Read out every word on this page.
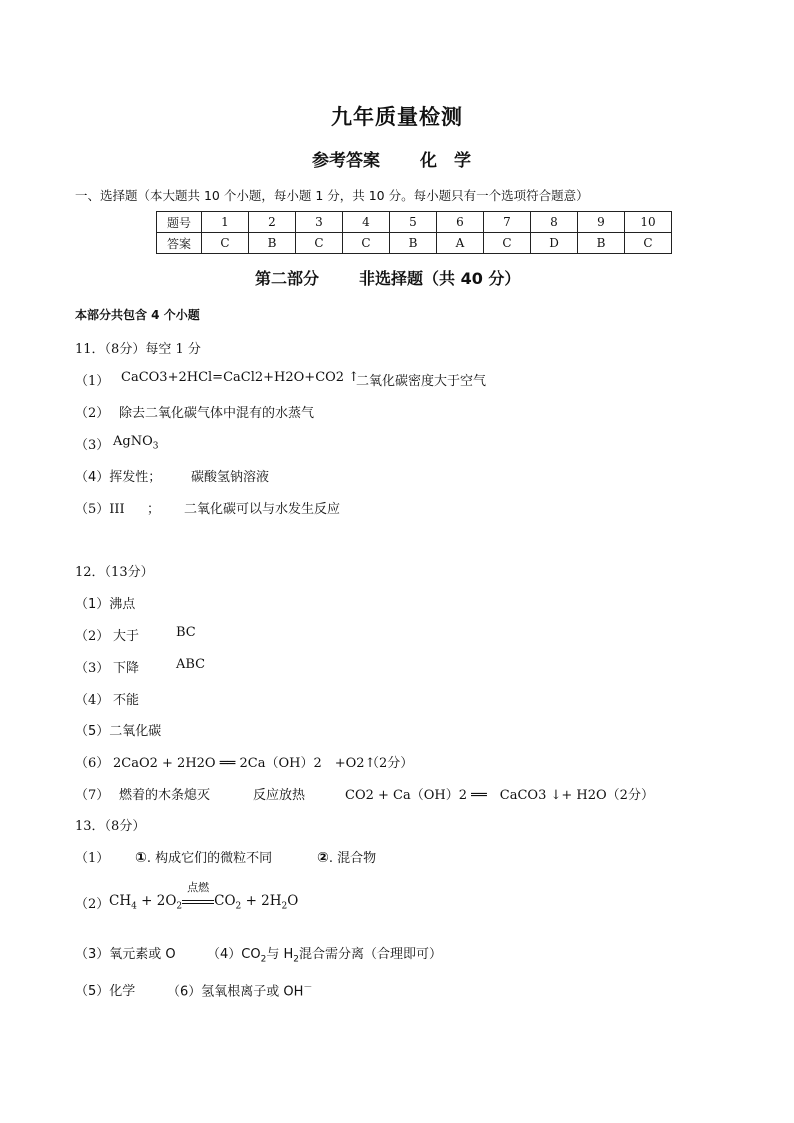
九年质量检测
参考答案 化　学
一、选择题（本大题共 10 个小题，每小题 1 分，共 10 分。每小题只有一个选项符合题意）
题号	1	2	3	4	5	6	7	8	9	10
答案	C	B	C	C	B	A	C	D	B	C
第二部分	非选择题（共 40 分）
本部分共包含 4 个小题
11．（8分）每空 1 分
（1） CaCO3+2HCl=CaCl2+H2O+CO2 ↑
二氧化碳密度大于空气
（2） 除去二氧化碳气体中混有的水蒸气
（3） AgNO$_3$
（4）挥发性； 碳酸氢钠溶液
（5）III ； 二氧化碳可以与水发生反应
12．（13分）
（1）沸点
（2） 大于	BC
（3） 下降	ABC
（4） 不能
（5）二氧化碳
（6） 2CaO2 + 2H2O ══ 2Ca（OH）2　+O2↑
（2分）
（7） 燃着的木条熄灭	反应放热	CO2 + Ca（OH）2 ══　CaCO3 ↓+ H2O（2分）
13．（8分）
（1） ①. 构成它们的微粒不同	②. 混合物
（2） $CH_4 + 2O_2$
点燃
$CO_2 + 2H_2O$
（3）氧元素或 O $(4)CO_2$与 $H_2$混合需分离（合理即可）
（5）化学 （6）氢氧根离子或 OH－
